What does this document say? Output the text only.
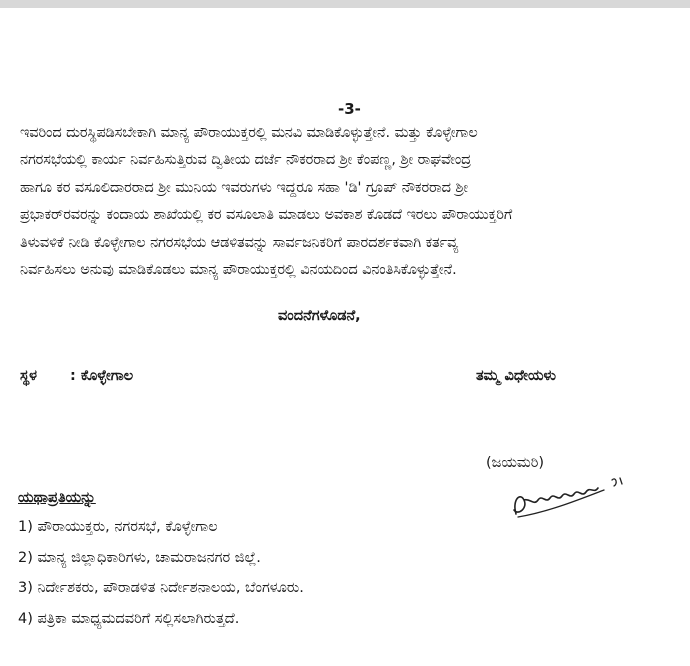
-3-
ಇವರಿಂದ ದುರಸ್ಥಿಪಡಿಸಬೇಕಾಗಿ ಮಾನ್ಯ ಪೌರಾಯುಕ್ತರಲ್ಲಿ ಮನವಿ ಮಾಡಿಕೊಳ್ಳುತ್ತೇನೆ. ಮತ್ತು ಕೊಳ್ಳೇಗಾಲ
ನಗರಸಭೆಯಲ್ಲಿ ಕಾರ್ಯ ನಿರ್ವಹಿಸುತ್ತಿರುವ ದ್ವಿತೀಯ ದರ್ಜೆ ನೌಕರರಾದ ಶ್ರೀ ಕೆಂಪಣ್ಣ, ಶ್ರೀ ರಾಘವೇಂದ್ರ
ಹಾಗೂ ಕರ ವಸೂಲಿದಾರರಾದ ಶ್ರೀ ಮುನಿಯ ಇವರುಗಳು ಇದ್ದರೂ ಸಹಾ 'ಡಿ' ಗ್ರೂಪ್ ನೌಕರರಾದ ಶ್ರೀ
ಪ್ರಭಾಕರ್‌ರವರನ್ನು ಕಂದಾಯ ಶಾಖೆಯಲ್ಲಿ ಕರ ವಸೂಲಾತಿ ಮಾಡಲು ಅವಕಾಶ ಕೊಡದೆ ಇರಲು ಪೌರಾಯುಕ್ತರಿಗೆ
ತಿಳುವಳಿಕೆ ನೀಡಿ ಕೊಳ್ಳೇಗಾಲ ನಗರಸಭೆಯ ಆಡಳಿತವನ್ನು ಸಾರ್ವಜನಿಕರಿಗೆ ಪಾರದರ್ಶಕವಾಗಿ ಕರ್ತವ್ಯ
ನಿರ್ವಹಿಸಲು ಅನುವು ಮಾಡಿಕೊಡಲು ಮಾನ್ಯ ಪೌರಾಯುಕ್ತರಲ್ಲಿ ವಿನಯದಿಂದ ವಿನಂತಿಸಿಕೊಳ್ಳುತ್ತೇನೆ.
ವಂದನೆಗಳೊಡನೆ,
ಸ್ಥಳ : ಕೊಳ್ಳೇಗಾಲ	ತಮ್ಮ ವಿಧೇಯಳು
(ಜಯಮರಿ)
ಯಥಾಪ್ರತಿಯನ್ನು
1) ಪೌರಾಯುಕ್ತರು, ನಗರಸಭೆ, ಕೊಳ್ಳೇಗಾಲ
2) ಮಾನ್ಯ ಜಿಲ್ಲಾಧಿಕಾರಿಗಳು, ಚಾಮರಾಜನಗರ ಜಿಲ್ಲೆ.
3) ನಿರ್ದೇಶಕರು, ಪೌರಾಡಳಿತ ನಿರ್ದೇಶನಾಲಯ, ಬೆಂಗಳೂರು.
4) ಪತ್ರಿಕಾ ಮಾಧ್ಯಮದವರಿಗೆ ಸಲ್ಲಿಸಲಾಗಿರುತ್ತದೆ.
